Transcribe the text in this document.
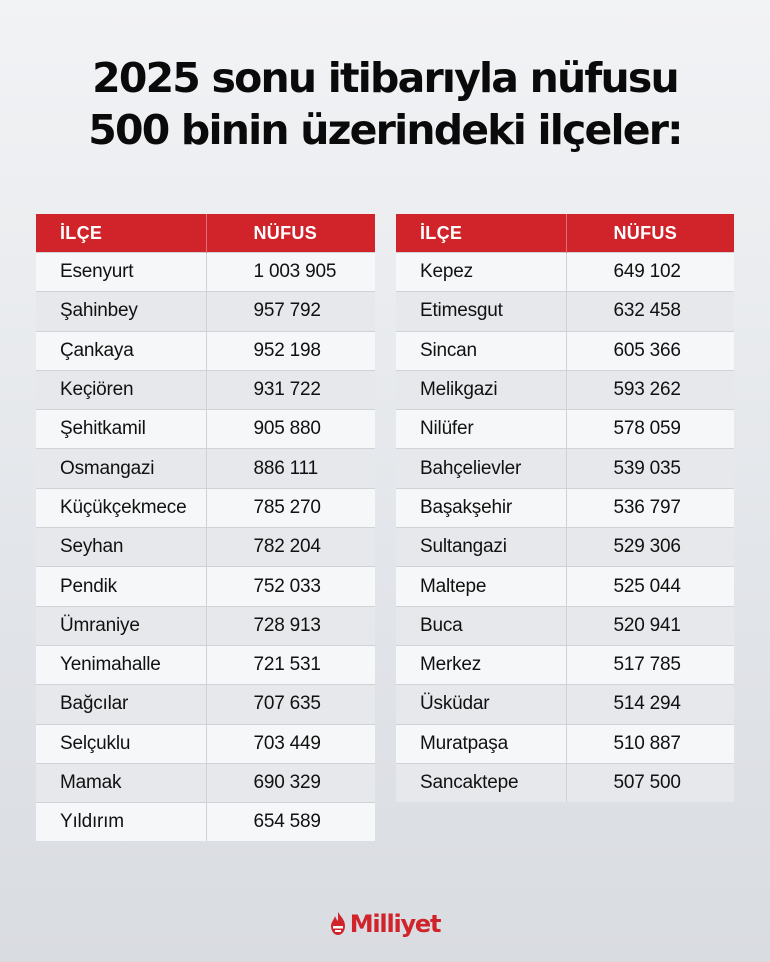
2025 sonu itibarıyla nüfusu
500 binin üzerindeki ilçeler:
İLÇE	NÜFUS
Esenyurt	1 003 905
Şahinbey	957 792
Çankaya	952 198
Keçiören	931 722
Şehitkamil	905 880
Osmangazi	886 111
Küçükçekmece	785 270
Seyhan	782 204
Pendik	752 033
Ümraniye	728 913
Yenimahalle	721 531
Bağcılar	707 635
Selçuklu	703 449
Mamak	690 329
Yıldırım	654 589
İLÇE	NÜFUS
Kepez	649 102
Etimesgut	632 458
Sincan	605 366
Melikgazi	593 262
Nilüfer	578 059
Bahçelievler	539 035
Başakşehir	536 797
Sultangazi	529 306
Maltepe	525 044
Buca	520 941
Merkez	517 785
Üsküdar	514 294
Muratpaşa	510 887
Sancaktepe	507 500
Milliyet
